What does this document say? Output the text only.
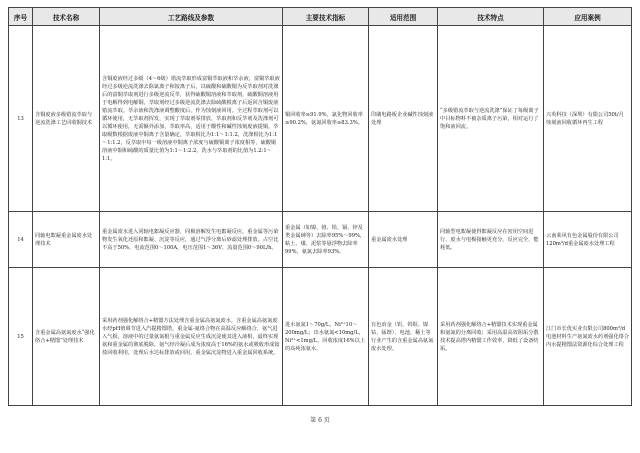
序号	技术名称	工艺路线及参数	主要技术指标	适用范围	技术特点	应用案例
13	含铜废液多级错流萃取与逆流洗涤工艺回收铜技术	含铜废液经过多级（4～6级）错流萃取形成富铜萃取液和萃余液，富铜萃取液经过多级逆流洗涤去除氯离子和铵离子后，以硫酸和硫酸铜为反萃取剂对洗涤后的富铜萃取剂进行多级逆流反萃，获得硫酸铜溶液和萃取剂，硫酸铜溶液用于电解得到电解铜，萃取剂经过多级逆流洗涤去除硫酸根离子后返回含铜废液错流萃取。萃余液和洗涤液调整酸度后，作为蚀刻液回用。全过程萃取剂可以循环使用，无萃取剂挥发，实现了萃取剂零排放，萃取剂和反萃剂及洗涤剂可以循环使用，无需额外添加，萃取率高，适用于酸性和碱性蚀刻废液提铜。萃取级数根据废液中铜离子含量确定，萃取相比为1:1～1:1.2，洗涤相比为1:1～1:1.2，反萃取中每一级溶液中铜离子浓度与硫酸铜离子浓度相等，硫酸铜溶液中铜和硫酸的质量比值为1:1～1:2.2，洗水与萃取剂的比值为1.2:1～1:1。	铜回收率≥91.9%，氯化物回收率≥90.2%，氨氮回收率≥83.3%。	印刷电路板企业碱性蚀刻液处理	“多级错流萃取与逆流洗涤”保证了每级离子中目标物料不被杂质离子污染，相对运行了饱和液回流。	兴英科技（深圳）有限公司50t/月蚀刻液回收循环再生工程
14	同轴电絮凝重金属废水处理技术	重金属废水进入同轴电絮凝反应器，同极溶解发生电絮凝反应，重金属等污染物发生氧化还原和絮凝、沉淀等反应，通过气浮分离后砂滤处理排放。占空比不高于50%，电流范围0～100A，电压范围1～36V，流量范围0～90L/h。	重金属（如镍、铬、铅、镉、锌及类金属砷等）去除率95%～99%，粘土、煤、泥浆等悬浮物去除率99%，氨氮去除率93%。	重金属废水处理	同轴型电絮凝使得絮凝反应在密闭空间进行，废水与电极接触更充分，反应完全，能耗低。	云南莱风有色金属股份有限公司120m³/d重金属废水处理工程
15	含重金属高氨氮废水“强化络合+精馏”处理技术	采用药剂强化解络合+精馏方法处理含重金属高氨氮废水。含重金属高氨氮废水经pH值调节进入汽提精馏塔，重金属-氨络合物在高温反应解络合，氨气进入气相，溶液中的过量氨氮根与重金属反应生成沉淀使其进入液相，最终实现氨和重金属的彻底脱除。氨气经冷凝后成为浓度高于16%的氨水或吸收形成铵盐回收利用，处理后水达标排放或回用，重金属沉淀物进入重金属回收系统。	进水氨氮1～70g/L，Ni²⁺10～200mg/L；出水氨氮<10mg/L，Ni²⁺<1mg/L。回收浓度16%以上的高纯浓氨水。	有色冶金（钒、钨钼、镍钴、锰锂）、电池、稀土等行业产生的含重金属高氨氮废水处理。	采用药剂强化解络合+精馏技术实现重金属和氨氮的分离回收；采用高温高效阻垢分散技术提高塔内精馏工作效率，降低了设备结垢。	江门市长优实业有限公司800m³/d电池材料生产氨氮废水药剂强化络合内水提精馏法资源化综合处理工程
第 6 页
